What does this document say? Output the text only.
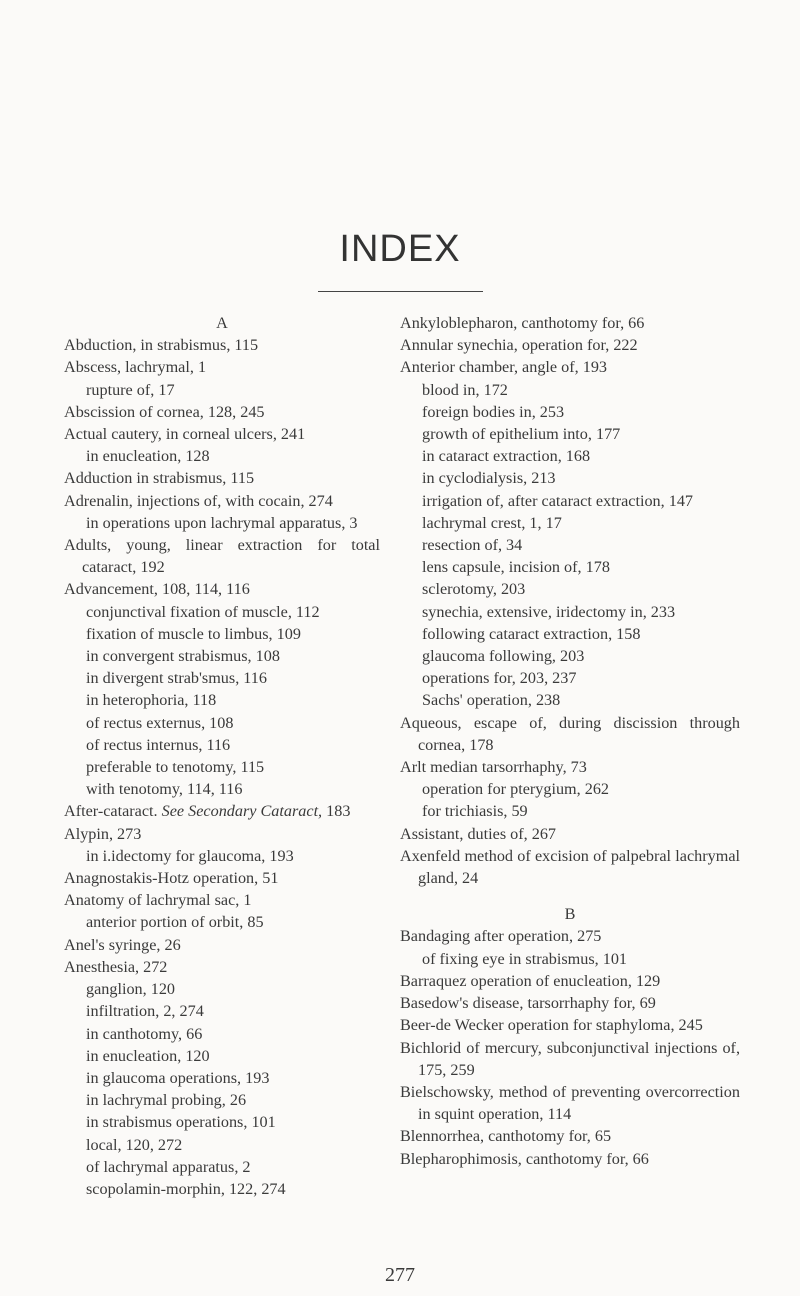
INDEX
A
Abduction, in strabismus, 115
Abscess, lachrymal, 1
rupture of, 17
Abscission of cornea, 128, 245
Actual cautery, in corneal ulcers, 241
in enucleation, 128
Adduction in strabismus, 115
Adrenalin, injections of, with cocain, 274
in operations upon lachrymal apparatus, 3
Adults, young, linear extraction for total cataract, 192
Advancement, 108, 114, 116
conjunctival fixation of muscle, 112
fixation of muscle to limbus, 109
in convergent strabismus, 108
in divergent strab'smus, 116
in heterophoria, 118
of rectus externus, 108
of rectus internus, 116
preferable to tenotomy, 115
with tenotomy, 114, 116
After-cataract. See Secondary Cataract, 183
Alypin, 273
in i.idectomy for glaucoma, 193
Anagnostakis-Hotz operation, 51
Anatomy of lachrymal sac, 1
anterior portion of orbit, 85
Anel's syringe, 26
Anesthesia, 272
ganglion, 120
infiltration, 2, 274
in canthotomy, 66
in enucleation, 120
in glaucoma operations, 193
in lachrymal probing, 26
in strabismus operations, 101
local, 120, 272
of lachrymal apparatus, 2
scopolamin-morphin, 122, 274
Ankyloblepharon, canthotomy for, 66
Annular synechia, operation for, 222
Anterior chamber, angle of, 193
blood in, 172
foreign bodies in, 253
growth of epithelium into, 177
in cataract extraction, 168
in cyclodialysis, 213
irrigation of, after cataract extraction, 147
lachrymal crest, 1, 17
resection of, 34
lens capsule, incision of, 178
sclerotomy, 203
synechia, extensive, iridectomy in, 233
following cataract extraction, 158
glaucoma following, 203
operations for, 203, 237
Sachs' operation, 238
Aqueous, escape of, during discission through cornea, 178
Arlt median tarsorrhaphy, 73
operation for pterygium, 262
for trichiasis, 59
Assistant, duties of, 267
Axenfeld method of excision of palpebral lachrymal gland, 24
B
Bandaging after operation, 275
of fixing eye in strabismus, 101
Barraquez operation of enucleation, 129
Basedow's disease, tarsorrhaphy for, 69
Beer-de Wecker operation for staphyloma, 245
Bichlorid of mercury, subconjunctival injections of, 175, 259
Bielschowsky, method of preventing overcorrection in squint operation, 114
Blennorrhea, canthotomy for, 65
Blepharophimosis, canthotomy for, 66
277
